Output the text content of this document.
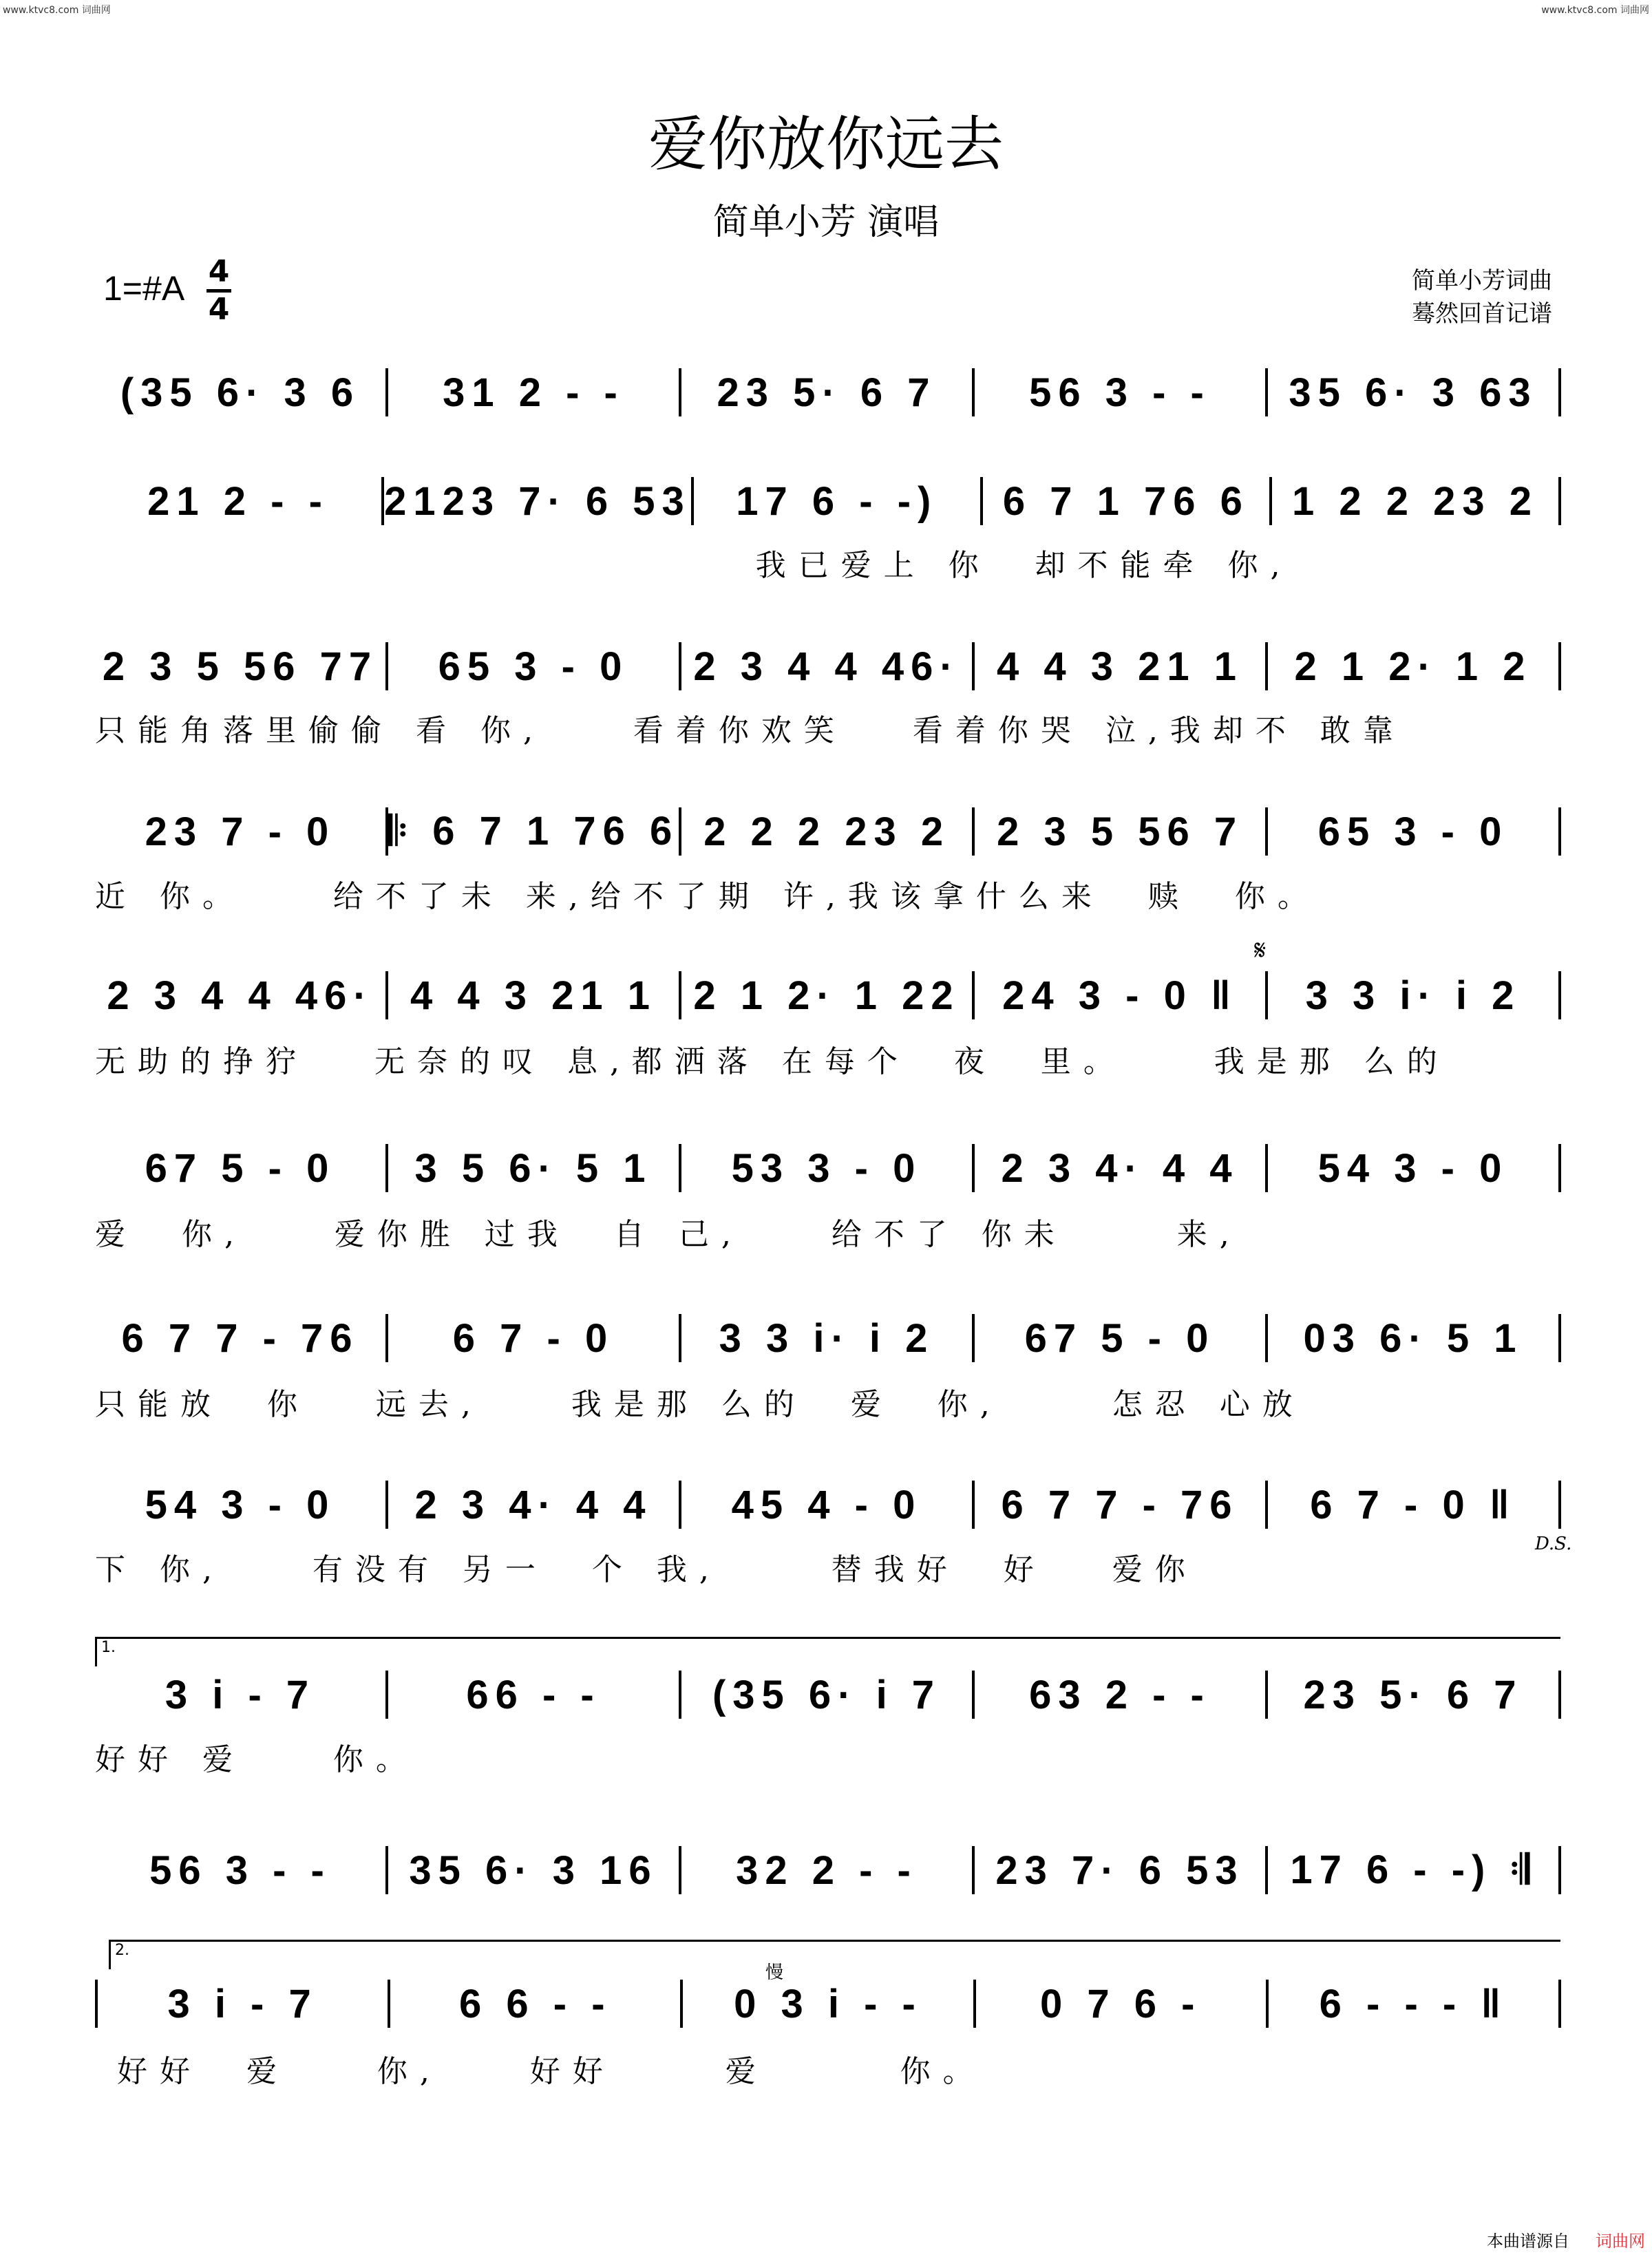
www.ktvc8.com 词曲网	www.ktvc8.com 词曲网
爱你放你远去
简单小芳 演唱
1=#A 4
4
简单小芳词曲
蓦然回首记谱
(35 6· 3 6	31 2 - -	23 5· 6 7	56 3 - -	35 6· 3 63
21 2 - -	2123 7· 6 53	17 6 - -)	6 7 1 76 6	1 2 2 23 2
我已爱上 你  却不能牵 你,
2 3 5 56 77	65 3 - 0	2 3 4 4 46· 4 4 3 21 1	2 1 2· 1 2
只能角落里偷偷 看 你,    看着你欢笑   看着你哭 泣,我却不 敢靠
23 7 - 0	𝄆 6 7 1 76 6 2 2 2 23 2	2 3 5 56 7	65 3 - 0
近 你。    给不了未 来,给不了期 许,我该拿什么来  赎  你。
2 3 4 4 46· 4 4 3 21 1 2 1 2· 1 22	24 3 - 0 ‖	3 3 i· i 2
无助的挣狞   无奈的叹 息,都洒落 在每个  夜  里。    我是那 么的
67 5 - 0	3 5 6· 5 1	53 3 - 0	2 3 4· 4 4	54 3 - 0
爱  你,    爱你胜 过我  自 己,    给不了 你未     来,
6 7 7 - 76	6 7 - 0	3 3 i· i 2	67 5 - 0	03 6· 5 1
只能放  你   远去,    我是那 么的  爱  你,     怎忍 心放
54 3 - 0	2 3 4· 4 4	45 4 - 0	6 7 7 - 76	6 7 - 0 ‖
下 你,    有没有 另一  个 我,     替我好  好   爱你
3 i - 7	66 - -	(35 6· i 7	63 2 - -	23 5· 6 7
好好 爱    你。
56 3 - -	35 6· 3 16	32 2 - -	23 7· 6 53	17 6 - -) 𝄇
3 i - 7	6 6 - -	0 3 i - -	0 7 6 -	6 - - - ‖
好好  爱    你,    好好     爱      你。
D.S.
𝄋
慢
1.
2.
本曲谱源自 词曲网
